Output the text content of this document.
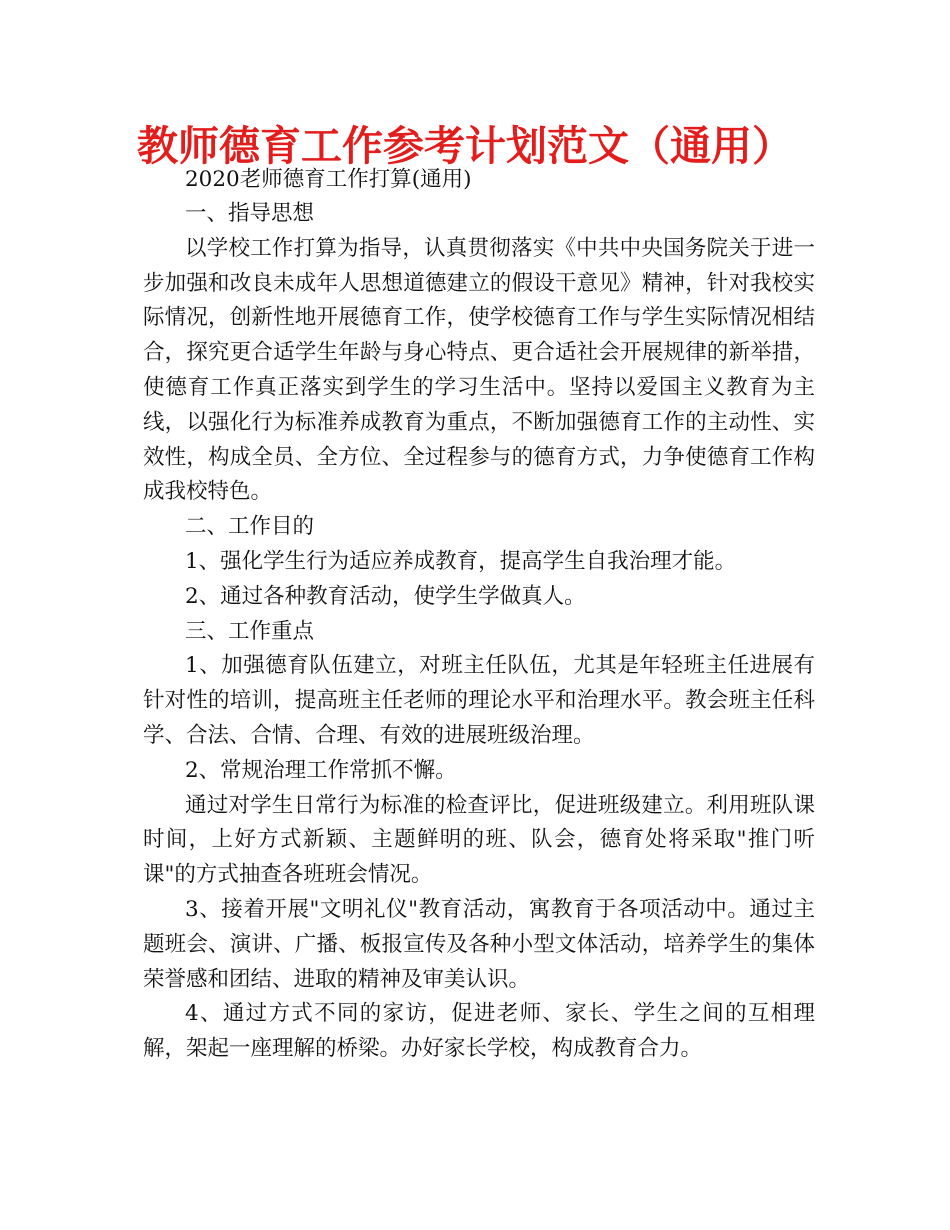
教师德育工作参考计划范文（通用）

2020老师德育工作打算(通用)

一、指导思想

以学校工作打算为指导，认真贯彻落实《中共中央国务院关于进一步加强和改良未成年人思想道德建立的假设干意见》精神，针对我校实际情况，创新性地开展德育工作，使学校德育工作与学生实际情况相结合，探究更合适学生年龄与身心特点、更合适社会开展规律的新举措，使德育工作真正落实到学生的学习生活中。坚持以爱国主义教育为主线，以强化行为标准养成教育为重点，不断加强德育工作的主动性、实效性，构成全员、全方位、全过程参与的德育方式，力争使德育工作构成我校特色。

二、工作目的

1、强化学生行为适应养成教育，提高学生自我治理才能。

2、通过各种教育活动，使学生学做真人。

三、工作重点

1、加强德育队伍建立，对班主任队伍，尤其是年轻班主任进展有针对性的培训，提高班主任老师的理论水平和治理水平。教会班主任科学、合法、合情、合理、有效的进展班级治理。

2、常规治理工作常抓不懈。

通过对学生日常行为标准的检查评比，促进班级建立。利用班队课时间，上好方式新颖、主题鲜明的班、队会，德育处将采取"推门听课"的方式抽查各班班会情况。

3、接着开展"文明礼仪"教育活动，寓教育于各项活动中。通过主题班会、演讲、广播、板报宣传及各种小型文体活动，培养学生的集体荣誉感和团结、进取的精神及审美认识。

4、通过方式不同的家访，促进老师、家长、学生之间的互相理解，架起一座理解的桥梁。办好家长学校，构成教育合力。
